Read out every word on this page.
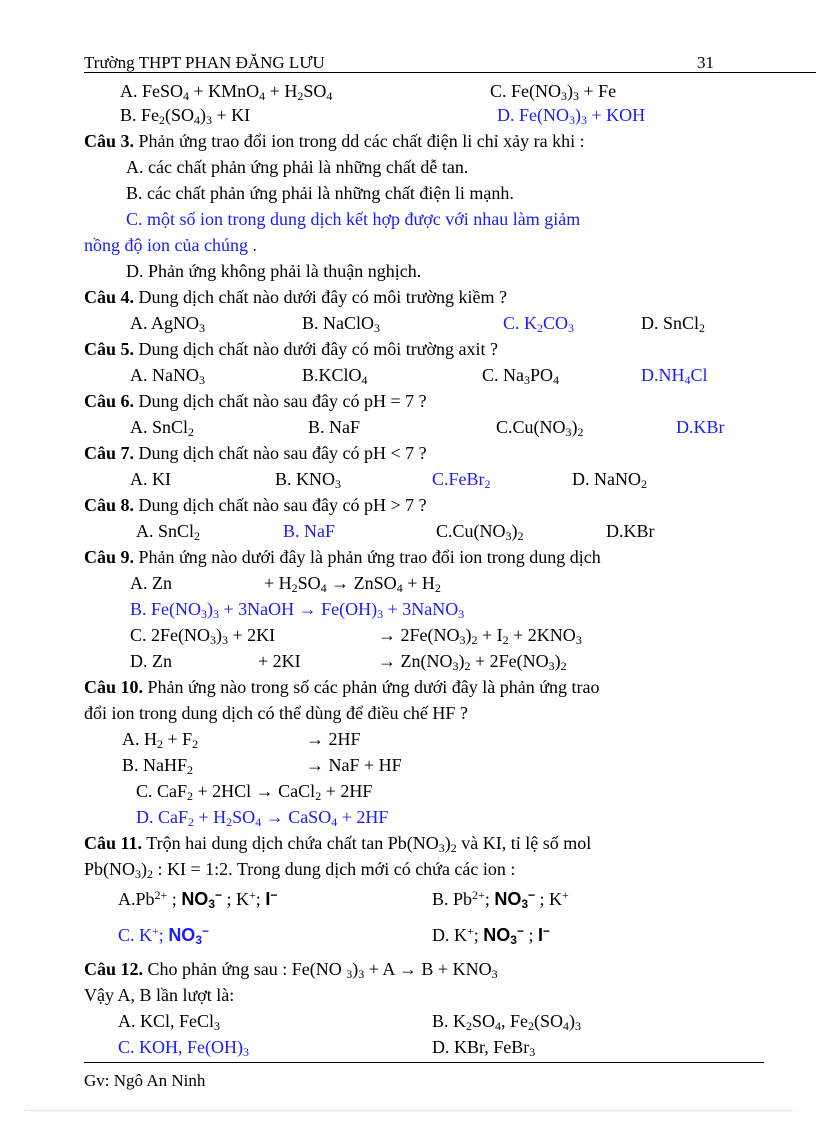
Trường THPT PHAN ĐĂNG LƯU	31
A. FeSO$_4$ + KMnO$_4$ + $H_2SO_4$	C. $Fe(NO_3)_3 + Fe$
B. $Fe_2(SO_4)_3$ + KI	D. $Fe(NO_3)_3$ + KOH
Câu 3. Phản ứng trao đổi ion trong dd các chất điện li chỉ xảy ra khi :
A. các chất phản ứng phải là những chất dễ tan.
B. các chất phản ứng phải là những chất điện li mạnh.
C. một số ion trong dung dịch kết hợp được với nhau làm giảm
nồng độ ion của chúng .
D. Phản ứng không phải là thuận nghịch.
Câu 4. Dung dịch chất nào dưới đây có môi trường kiềm ?
A. AgNO$_3$	B. NaClO$_3$	C. $K_2CO_3$	D. SnCl$_2$
Câu 5. Dung dịch chất nào dưới đây có môi trường axit ?
A. NaNO$_3$	B.KClO$_4$	C. $Na_3PO_4$	$D.NH_4Cl$
Câu 6. Dung dịch chất nào sau đây có pH = 7 ?
A. SnCl$_2$	B. NaF	$C.Cu(NO_3)_2$	D.KBr
Câu 7. Dung dịch chất nào sau đây có pH < 7 ?
A. KI	B. $KNO_3$	C.FeBr$_2$	D. NaNO$_2$
Câu 8. Dung dịch chất nào sau đây có pH > 7 ?
A. SnCl$_2$	B. NaF	$C.Cu(NO_3)_2$	D.KBr
Câu 9. Phản ứng nào dưới đây là phản ứng trao đổi ion trong dung dịch
A. Zn	+ $H_2SO_4$ → ZnSO$_4$ + $H_2$
B. $Fe(NO_3)_3$ + 3NaOH → $Fe(OH)_3$ + 3NaNO$_3$
C. $2Fe(NO_3)_3 + 2KI$	→ $2Fe(NO_3)_2 + I_2 + 2KNO_3$
D. Zn	+ 2KI	→ $Zn(NO_3)_2 + 2Fe(NO_3)_2$
Câu 10. Phản ứng nào trong số các phản ứng dưới đây là phản ứng trao
đổi ion trong dung dịch có thể dùng để điều chế HF ?
A. $H_2 + F_2$	→ 2HF
B. NaHF$_2$	→ NaF + HF
C. CaF$_2$ + 2HCl → CaCl$_2$ + 2HF
D. $CaF_2 + H_2SO_4$ → CaSO$_4$ + 2HF
Câu 11. Trộn hai dung dịch chứa chất $\tan Pb(NO_3)_2$ và KI, tỉ lệ số mol
$Pb(NO_3)_2$ : KI = 1:2. Trong dung dịch mới có chứa các ion :
$A.Pb^{2+}$ ; $NO_3^-$ ; K+; I−	B. $Pb^{2+}$; $NO_3^-$ ; K+
C. K+; $NO_3^-$	D. K+; $NO_3^-$ ; I−
Câu 12. Cho phản ứng sau : Fe(NO $_3)_3 + A \to B + KNO_3$
Vậy A, B lần lượt là:
A. KCl, FeCl$_3$	B. $K_2SO_4$, $Fe_2(SO_4)_3$
C. KOH, $Fe(OH)_3$	D. KBr, FeBr$_3$
Gv: Ngô An Ninh
